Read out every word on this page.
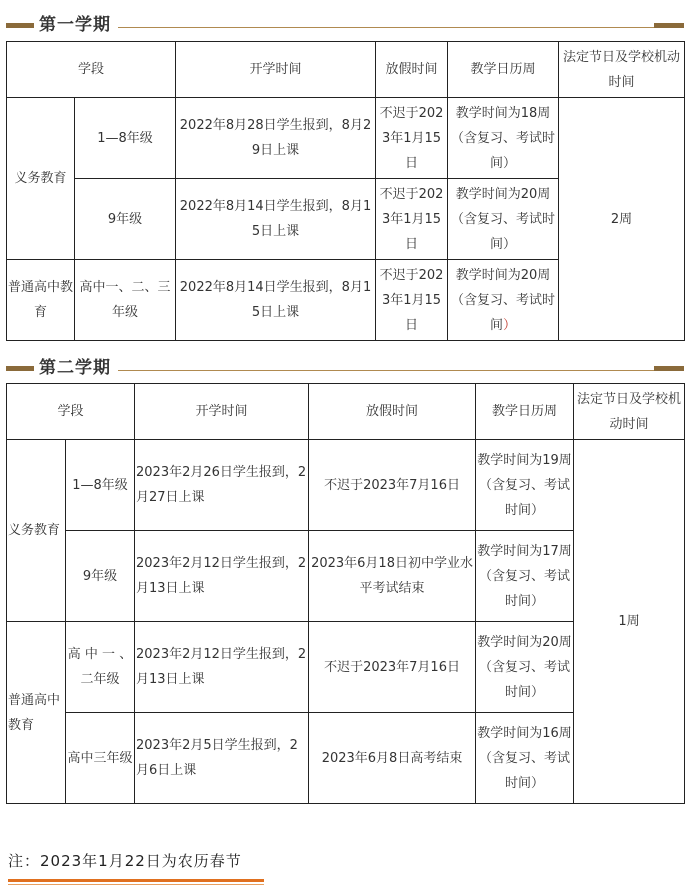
第一学期
学段		开学时间	放假时间	教学日历周	法定节日及学校机动时间
义务教育	1—8年级	2022年8月28日学生报到，8月29日上课	不迟于2023年1月15日	教学时间为18周（含复习、考试时间）	2周
	9年级	2022年8月14日学生报到，8月15日上课	不迟于2023年1月15日	教学时间为20周（含复习、考试时间）	
普通高中教育	高中一、二、三年级	2022年8月14日学生报到，8月15日上课	不迟于2023年1月15日	教学时间为20周（含复习、考试时间）	
第二学期
学段		开学时间	放假时间	教学日历周	法定节日及学校机动时间
义务教育	1—8年级	2023年2月26日学生报到，2月27日上课	不迟于2023年7月16日	教学时间为19周（含复习、考试时间）	1周
	9年级	2023年2月12日学生报到，2月13日上课	2023年6月18日初中学业水平考试结束	教学时间为17周（含复习、考试时间）	
普通高中教育	高 中 一 、二年级	2023年2月12日学生报到，2月13日上课	不迟于2023年7月16日	教学时间为20周（含复习、考试时间）	
	高中三年级	2023年2月5日学生报到，2月6日上课	2023年6月8日高考结束	教学时间为16周（含复习、考试时间）	
注：2023年1月22日为农历春节
